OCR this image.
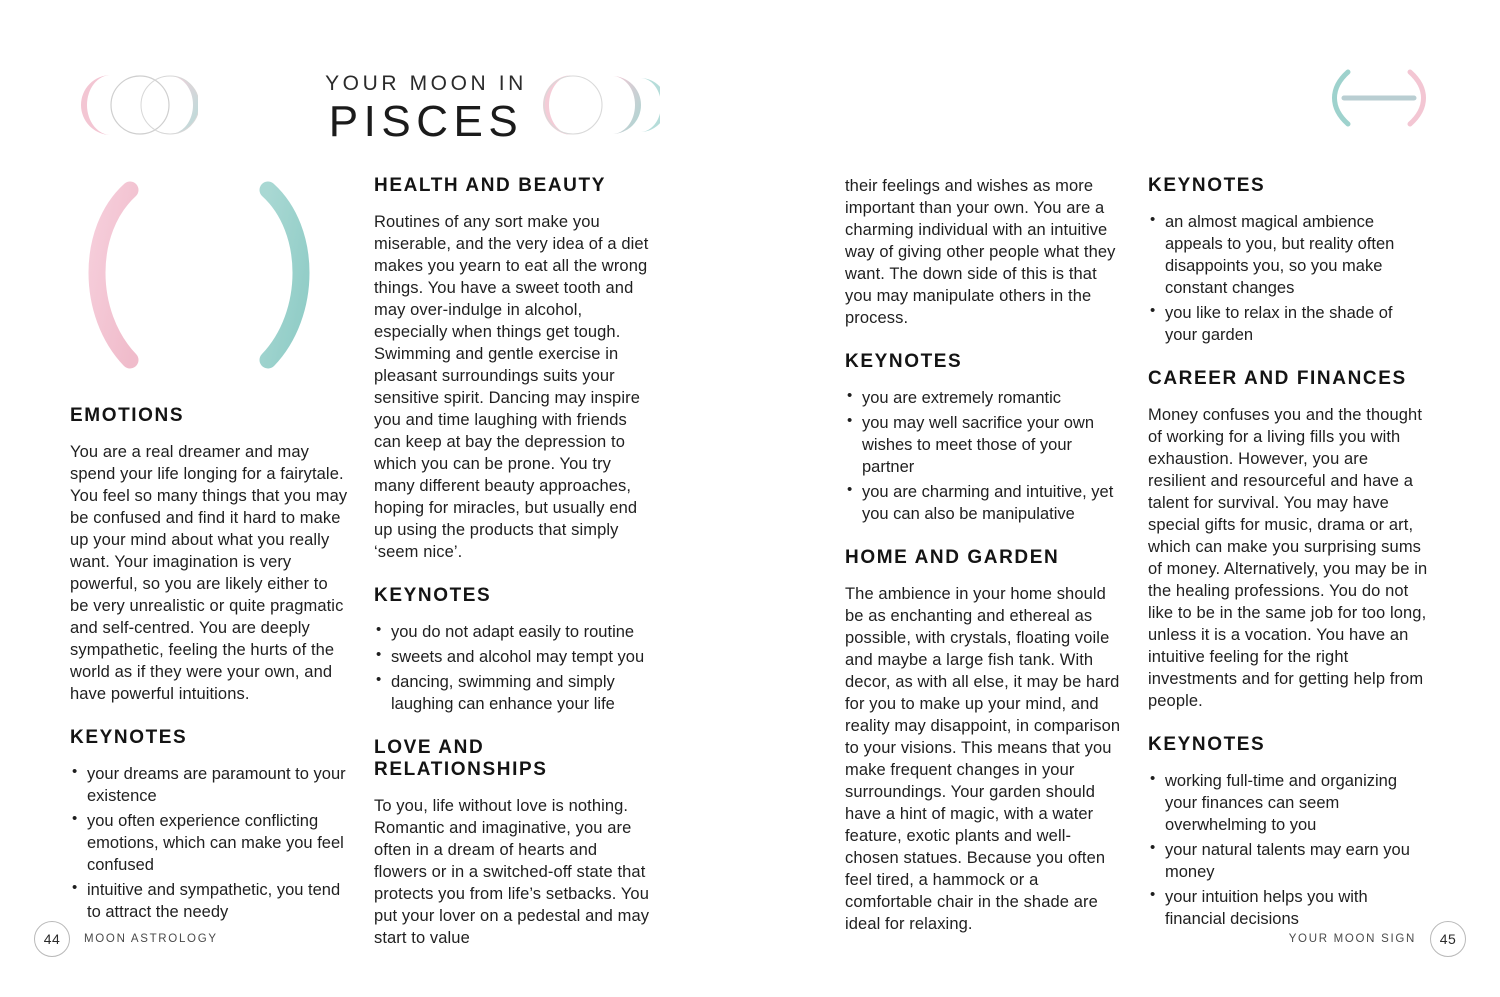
YOUR MOON IN
PISCES
EMOTIONS

You are a real dreamer and may spend your life longing for a fairytale. You feel so many things that you may be confused and find it hard to make up your mind about what you really want. Your imagination is very powerful, so you are likely either to be very unrealistic or quite pragmatic and self-centred. You are deeply sympathetic, feeling the hurts of the world as if they were your own, and have powerful intuitions.

KEYNOTES
• your dreams are paramount to your existence
• you often experience conflicting emotions, which can make you feel confused
• intuitive and sympathetic, you tend to attract the needy
HEALTH AND BEAUTY

Routines of any sort make you miserable, and the very idea of a diet makes you yearn to eat all the wrong things. You have a sweet tooth and may over-indulge in alcohol, especially when things get tough. Swimming and gentle exercise in pleasant surroundings suits your sensitive spirit. Dancing may inspire you and time laughing with friends can keep at bay the depression to which you can be prone. You try many different beauty approaches, hoping for miracles, but usually end up using the products that simply ‘seem nice’.

KEYNOTES
• you do not adapt easily to routine
• sweets and alcohol may tempt you
• dancing, swimming and simply laughing can enhance your life
LOVE AND RELATIONSHIPS

To you, life without love is nothing. Romantic and imaginative, you are often in a dream of hearts and flowers or in a switched-off state that protects you from life’s setbacks. You put your lover on a pedestal and may start to value

their feelings and wishes as more important than your own. You are a charming individual with an intuitive way of giving other people what they want. The down side of this is that you may manipulate others in the process.

KEYNOTES
• you are extremely romantic
• you may well sacrifice your own wishes to meet those of your partner
• you are charming and intuitive, yet you can also be manipulative
HOME AND GARDEN

The ambience in your home should be as enchanting and ethereal as possible, with crystals, floating voile and maybe a large fish tank. With decor, as with all else, it may be hard for you to make up your mind, and reality may disappoint, in comparison to your visions. This means that you make frequent changes in your surroundings. Your garden should have a hint of magic, with a water feature, exotic plants and well-chosen statues. Because you often feel tired, a hammock or a comfortable chair in the shade are ideal for relaxing.

KEYNOTES
• an almost magical ambience appeals to you, but reality often disappoints you, so you make constant changes
• you like to relax in the shade of your garden
CAREER AND FINANCES

Money confuses you and the thought of working for a living fills you with exhaustion. However, you are resilient and resourceful and have a talent for survival. You may have special gifts for music, drama or art, which can make you surprising sums of money. Alternatively, you may be in the healing professions. You do not like to be in the same job for too long, unless it is a vocation. You have an intuitive feeling for the right investments and for getting help from people.

KEYNOTES
• working full-time and organizing your finances can seem overwhelming to you
• your natural talents may earn you money
• your intuition helps you with financial decisions
44	MOON ASTROLOGY	YOUR MOON SIGN	45
